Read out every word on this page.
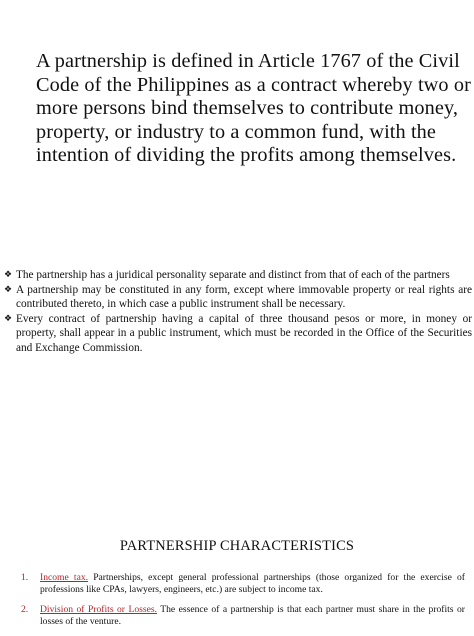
A partnership is defined in Article 1767 of the Civil Code of the Philippines as a contract whereby two or more persons bind themselves to contribute money, property, or industry to a common fund, with the intention of dividing the profits among themselves.
❖ The partnership has a juridical personality separate and distinct from that of each of the partners
❖ A partnership may be constituted in any form, except where immovable property or real rights are contributed thereto, in which case a public instrument shall be necessary.
❖ Every contract of partnership having a capital of three thousand pesos or more, in money or property, shall appear in a public instrument, which must be recorded in the Office of the Securities and Exchange Commission.
PARTNERSHIP CHARACTERISTICS
1.	Income tax. Partnerships, except general professional partnerships (those organized for the exercise of professions like CPAs, lawyers, engineers, etc.) are subject to income tax.
2.	Division of Profits or Losses. The essence of a partnership is that each partner must share in the profits or losses of the venture.
